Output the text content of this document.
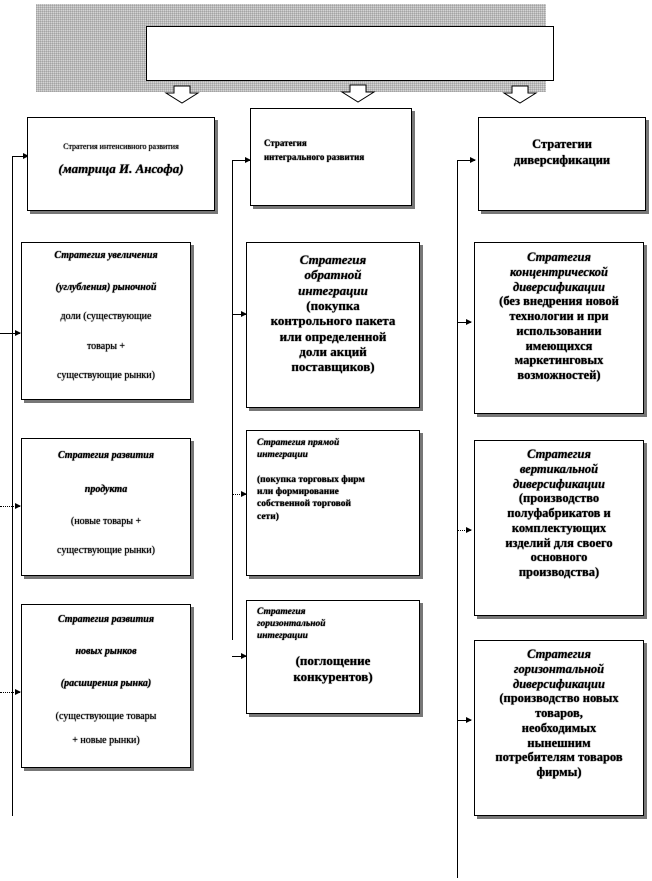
Стратегия интенсивного развития
(матрица И. Ансофа)
Стратегия увеличения
(углубления) рыночной
доли (существующие
товары +
существующие рынки)
Стратегия развития
продукта
(новые товары +
существующие рынки)
Стратегия развития
новых рынков
(расширения рынка)
(существующие товары
+ новые рынки)
Стратегия
интегрального развития
Стратегия
обратной
интеграции
(покупка
контрольного пакета
или определенной
доли акций
поставщиков)
Стратегия прямой
интеграции
(покупка торговых фирм
или формирование
собственной торговой
сети)
Стратегия
горизонтальной
интеграции
(поглощение
конкурентов)
Стратегии
диверсификации
Стратегия
концентрической
диверсификации
(без внедрения новой
технологии и при
использовании
имеющихся
маркетинговых
возможностей)
Стратегия
вертикальной
диверсификации
(производство
полуфабрикатов и
комплектующих
изделий для своего
основного
производства)
Стратегия
горизонтальной
диверсификации
(производство новых
товаров,
необходимых
нынешним
потребителям товаров
фирмы)
